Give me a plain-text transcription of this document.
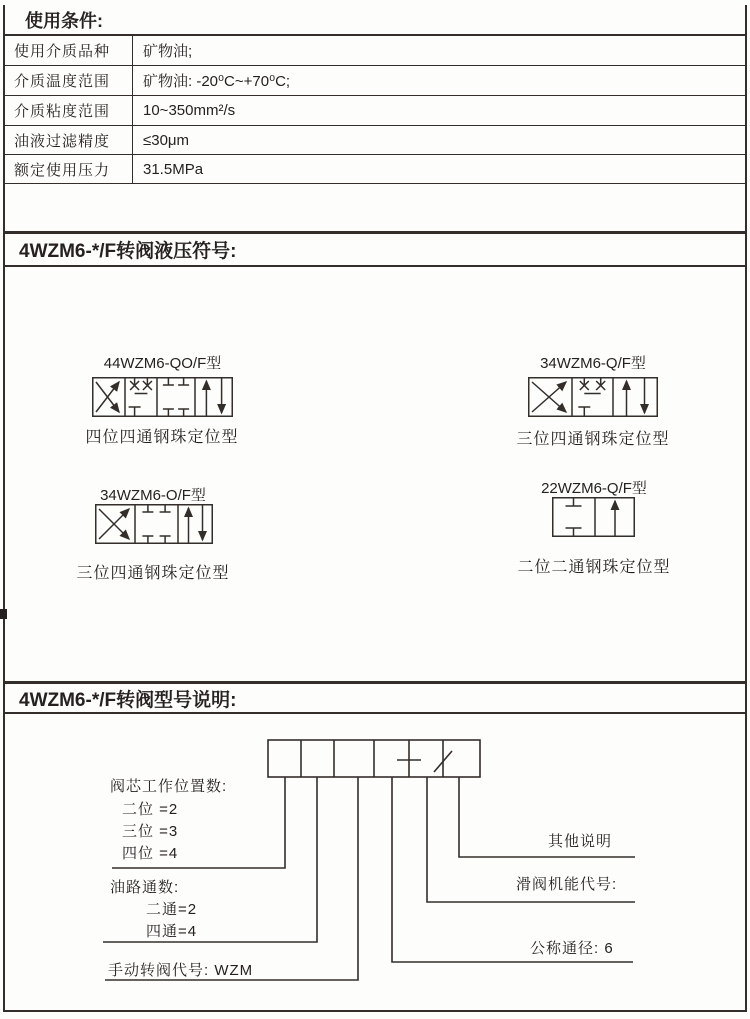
使用条件:
使用介质品种	矿物油;
介质温度范围	矿物油: -20⁰C~+70⁰C;
介质粘度范围	10~350mm²/s
油液过滤精度	≤30μm
额定使用压力	31.5MPa
4WZM6-*/F转阀液压符号:
44WZM6-QO/F型
四位四通钢珠定位型
34WZM6-Q/F型
三位四通钢珠定位型
34WZM6-O/F型
三位四通钢珠定位型
22WZM6-Q/F型
二位二通钢珠定位型
4WZM6-*/F转阀型号说明:
阀芯工作位置数:
二位 =2
三位 =3
四位 =4
油路通数:
二通=2
四通=4
手动转阀代号: WZM
其他说明
滑阀机能代号:
公称通径: 6
